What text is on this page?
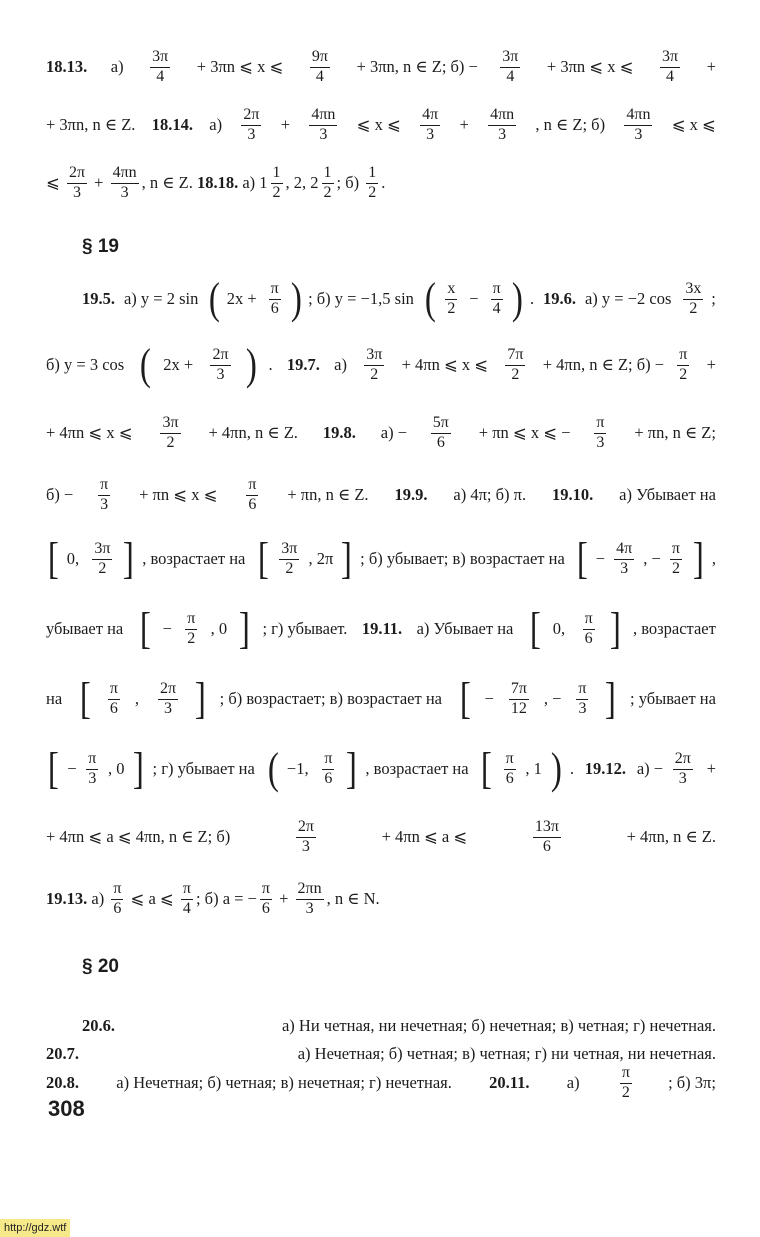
18.13. $а) \frac{3\pi}{4} + 3\pi n$ ⩽ x ⩽ $\frac{9\pi}{4} + 3\pi n$, n ∈ Z; $б) - \frac{3\pi}{4} + 3\pi n$ ⩽ x ⩽ $\frac{3\pi}{4}$ +
+ 3πn, n ∈ Z. 18.14. $а) \frac{2\pi}{3} + \frac{4\pi n}{3}$ ⩽ x ⩽ $\frac{4\pi}{3} + \frac{4\pi n}{3}$ , n ∈ Z; $б) \frac{4\pi n}{3}$ ⩽ x ⩽
⩽ $\frac{2\pi}{3} + \frac{4\pi n}{3}$ , n ∈ Z. 18.18. а) $1 \frac{1}{2}$ , 2, $2 \frac{1}{2}$ ; $б) \frac{1}{2}$ .
19.5. а) y = 2 sin ( $2x + \frac{\pi}{6}$ ) ; б) y = −1,5 sin ( $\frac{x}{2} - \frac{\pi}{4}$ ) . 19.6. а) y = −2 $\cos \frac{3x}{2}$ ;
б) y = 3 cos ( $2x + \frac{2\pi}{3}$ ) . 19.7. $а) \frac{3\pi}{2} + 4\pi n$ ⩽ x ⩽ $\frac{7\pi}{2} + 4\pi n$, n ∈ Z; $б) - \frac{\pi}{2}$ +
+ 4πn ⩽ x ⩽ $\frac{3\pi}{2} + 4\pi n$, n ∈ Z. 19.8. $а) - \frac{5\pi}{6} + \pi n$ ⩽ x ⩽ − $\frac{\pi}{3} + \pi n$, n ∈ Z;
$б) - \frac{\pi}{3} + \pi n$ ⩽ x ⩽ $\frac{\pi}{6} + \pi n$, n ∈ Z. 19.9. а) 4π; б) π. 19.10. а) Убывает на
[ 0, $\frac{3\pi}{2}$ ] , возрастает на [ $\frac{3\pi}{2}$ , 2π ] ; б) убывает; в) возрастает на [ − $\frac{4\pi}{3}$ , − $\frac{\pi}{2}$ ] ,
убывает на [ − $\frac{\pi}{2}$ , 0 ] ; г) убывает. 19.11. а) Убывает на [ 0, $\frac{\pi}{6}$ ] , возрастает
на [ $\frac{\pi}{6}$ , $\frac{2\pi}{3}$ ] ; б) возрастает; в) возрастает на [ − $\frac{7\pi}{12}$ , − $\frac{\pi}{3}$ ] ; убывает на
[ − $\frac{\pi}{3}$ , 0 ] ; г) убывает на ( −1, $\frac{\pi}{6}$ ] , возрастает на [ $\frac{\pi}{6}$ , 1 ) . 19.12. $а) - \frac{2\pi}{3}$ +
+ 4πn ⩽ a ⩽ 4πn, n ∈ Z; б)	$\frac{2\pi}{3}$	+ 4πn ⩽ a ⩽	$\frac{13\pi}{6}$	+ 4πn, n ∈ Z.
19.13. $а) \frac{\pi}{6}$ ⩽ a ⩽ $\frac{\pi}{4}$ ; б) a = − $\frac{\pi}{6} + \frac{2\pi n}{3}$ , n ∈ N.
20.6.	а) Ни четная, ни нечетная; б) нечетная; в) четная; г) нечетная.
20.7.	а) Нечетная; б) четная; в) четная; г) ни четная, ни нечетная.
20.8. а) Нечетная; б) четная; в) нечетная; г) нечетная. 20.11. $а) \frac{\pi}{2}$ ; б) 3π;
§ 19
§ 20
308
http://gdz.wtf
